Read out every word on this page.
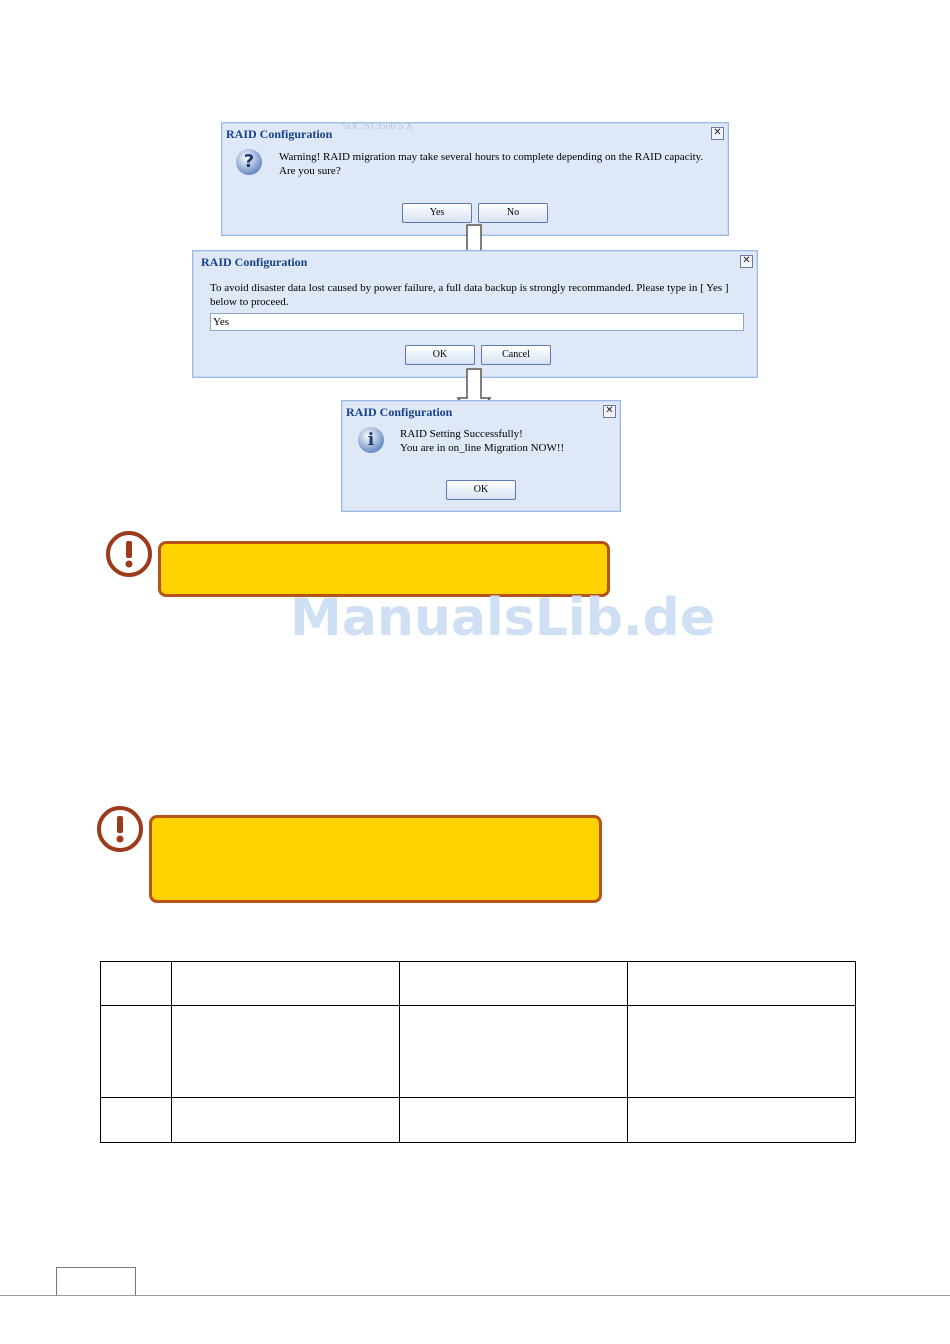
SDC ST3500 5 X
RAID Configuration	✕
?	Warning! RAID migration may take several hours to complete depending on the RAID capacity.
Are you sure?
Yes	No
RAID Configuration	✕
To avoid disaster data lost caused by power failure, a full data backup is strongly recommanded. Please type in [ Yes ]
below to proceed.
Yes
OK	Cancel
RAID Configuration	✕
i	RAID Setting Successfully!
You are in on_line Migration NOW!!
OK
ManualsLib.de
